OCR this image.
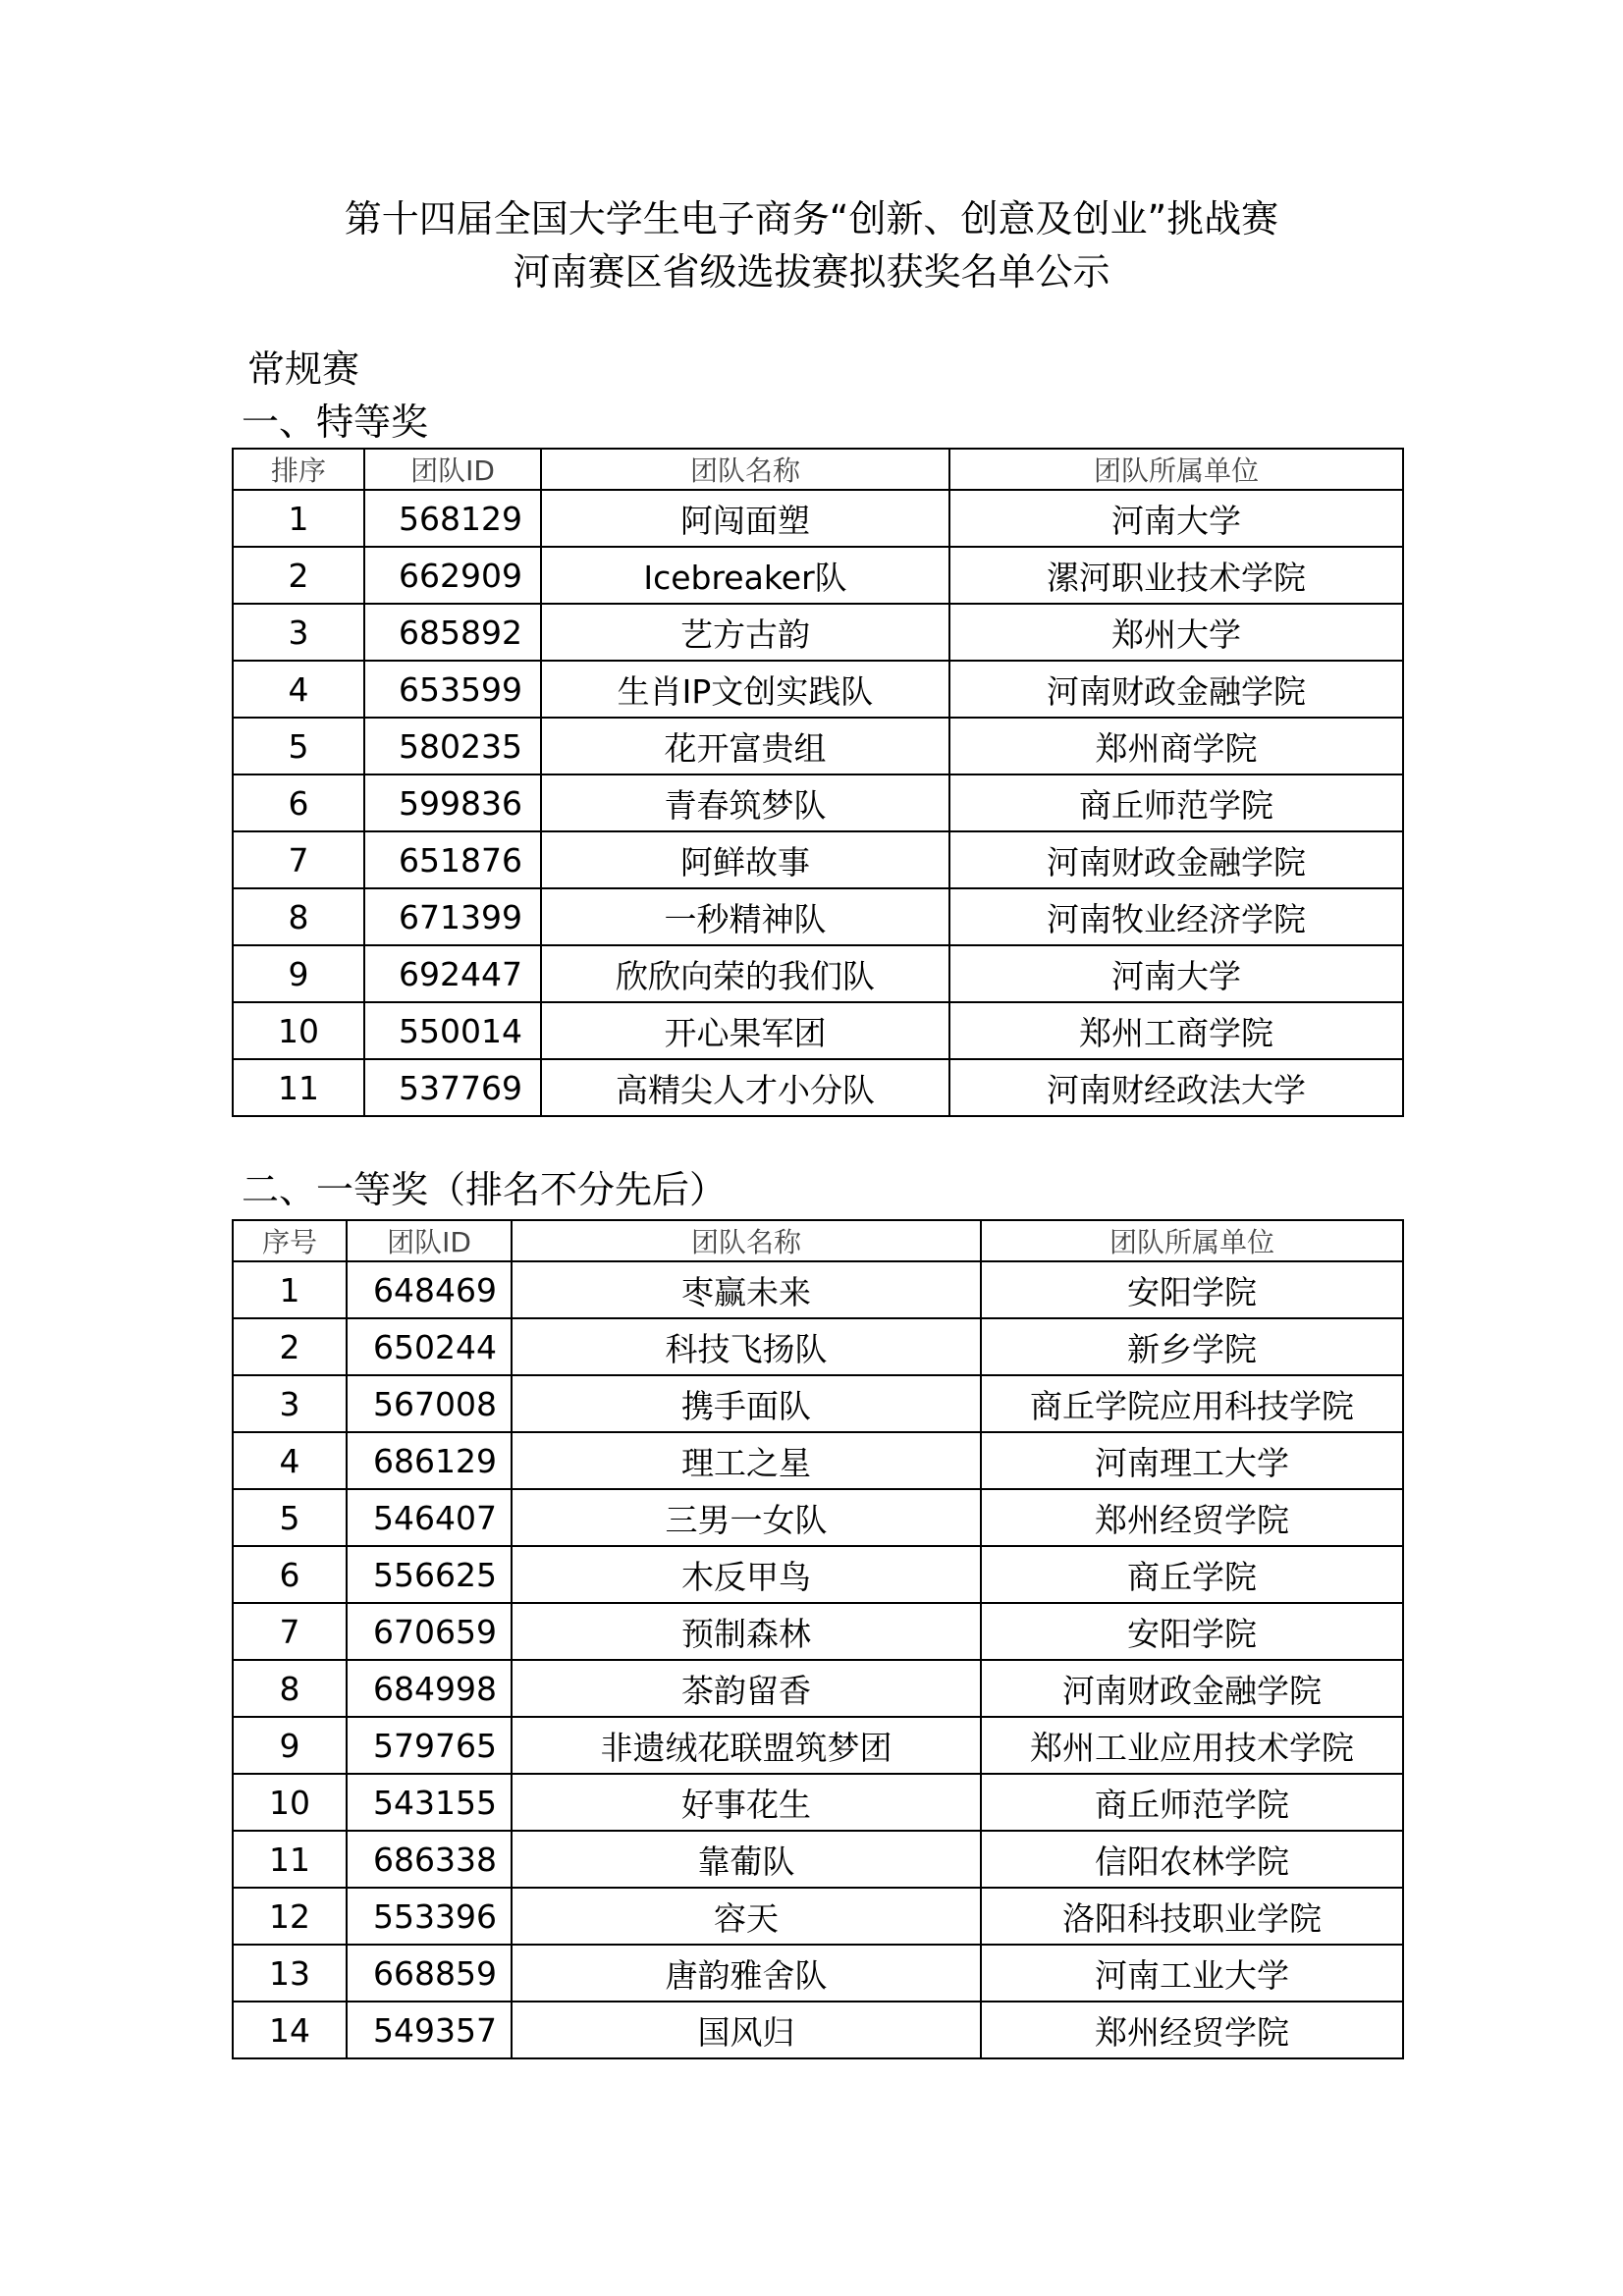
第十四届全国大学生电子商务“创新、创意及创业”挑战赛
河南赛区省级选拔赛拟获奖名单公示
常规赛
一、特等奖
排序	团队ID	团队名称	团队所属单位
1	568129	阿闯面塑	河南大学
2	662909	Icebreaker队	漯河职业技术学院
3	685892	艺方古韵	郑州大学
4	653599	生肖IP文创实践队	河南财政金融学院
5	580235	花开富贵组	郑州商学院
6	599836	青春筑梦队	商丘师范学院
7	651876	阿鲜故事	河南财政金融学院
8	671399	一秒精神队	河南牧业经济学院
9	692447	欣欣向荣的我们队	河南大学
10	550014	开心果军团	郑州工商学院
11	537769	高精尖人才小分队	河南财经政法大学
二、一等奖（排名不分先后）
序号	团队ID	团队名称	团队所属单位
1	648469	枣赢未来	安阳学院
2	650244	科技飞扬队	新乡学院
3	567008	携手面队	商丘学院应用科技学院
4	686129	理工之星	河南理工大学
5	546407	三男一女队	郑州经贸学院
6	556625	木反甲鸟	商丘学院
7	670659	预制森林	安阳学院
8	684998	茶韵留香	河南财政金融学院
9	579765	非遗绒花联盟筑梦团	郑州工业应用技术学院
10	543155	好事花生	商丘师范学院
11	686338	靠葡队	信阳农林学院
12	553396	容天	洛阳科技职业学院
13	668859	唐韵雅舍队	河南工业大学
14	549357	国风归	郑州经贸学院
